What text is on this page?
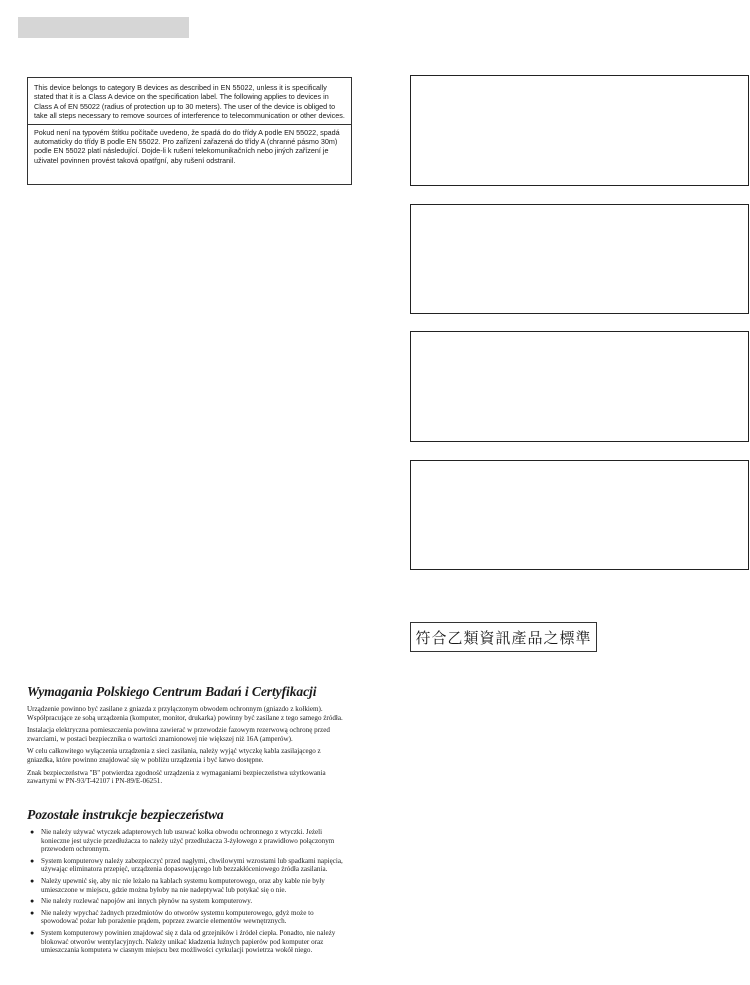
This device belongs to category B devices as described in EN 55022, unless it is specifically stated that it is a Class A device on the specification label. The following applies to devices in Class A of EN 55022 (radius of protection up to 30 meters). The user of the device is obliged to take all steps necessary to remove sources of interference to telecommunication or other devices.

Pokud není na typovém štítku počítače uvedeno, že spadá do do třídy A podle EN 55022, spadá automaticky do třídy B podle EN 55022. Pro zařízení zařazená do třídy A (chranné pásmo 30m) podle EN 55022 platí následující. Dojde-li k rušení telekomunikačních nebo jiných zařízení je uživatel povinnen provést taková opatřgní, aby rušení odstranil.

符合乙類資訊產品之標準
Wymagania Polskiego Centrum Badań i Certyfikacji

Urządzenie powinno być zasilane z gniazda z przyłączonym obwodem ochronnym (gniazdo z kołkiem). Współpracujące ze sobą urządzenia (komputer, monitor, drukarka) powinny być zasilane z tego samego źródła.

Instalacja elektryczna pomieszczenia powinna zawierać w przewodzie fazowym rezerwową ochronę przed zwarciami, w postaci bezpiecznika o wartości znamionowej nie większej niż 16A (amperów).

W celu całkowitego wyłączenia urządzenia z sieci zasilania, należy wyjąć wtyczkę kabla zasilającego z gniazdka, które powinno znajdować się w pobliżu urządzenia i być łatwo dostępne.

Znak bezpieczeństwa "B" potwierdza zgodność urządzenia z wymaganiami bezpieczeństwa użytkowania zawartymi w PN-93/T-42107 i PN-89/E-06251.

Pozostałe instrukcje bezpieczeństwa
● Nie należy używać wtyczek adapterowych lub usuwać kołka obwodu ochronnego z wtyczki. Jeżeli konieczne jest użycie przedłużacza to należy użyć przedłużacza 3-żyłowego z prawidłowo połączonym przewodem ochronnym.
● System komputerowy należy zabezpieczyć przed nagłymi, chwilowymi wzrostami lub spadkami napięcia, używając eliminatora przepięć, urządzenia dopasowującego lub bezzakłóceniowego źródła zasilania.
● Należy upewnić się, aby nic nie leżało na kablach systemu komputerowego, oraz aby kable nie były umieszczone w miejscu, gdzie można byłoby na nie nadeptywać lub potykać się o nie.
● Nie należy rozlewać napojów ani innych płynów na system komputerowy.
● Nie należy wpychać żadnych przedmiotów do otworów systemu komputerowego, gdyż może to spowodować pożar lub porażenie prądem, poprzez zwarcie elementów wewnętrznych.
● System komputerowy powinien znajdować się z dala od grzejników i źródeł ciepła. Ponadto, nie należy blokować otworów wentylacyjnych. Należy unikać kładzenia luźnych papierów pod komputer oraz umieszczania komputera w ciasnym miejscu bez możliwości cyrkulacji powietrza wokół niego.
